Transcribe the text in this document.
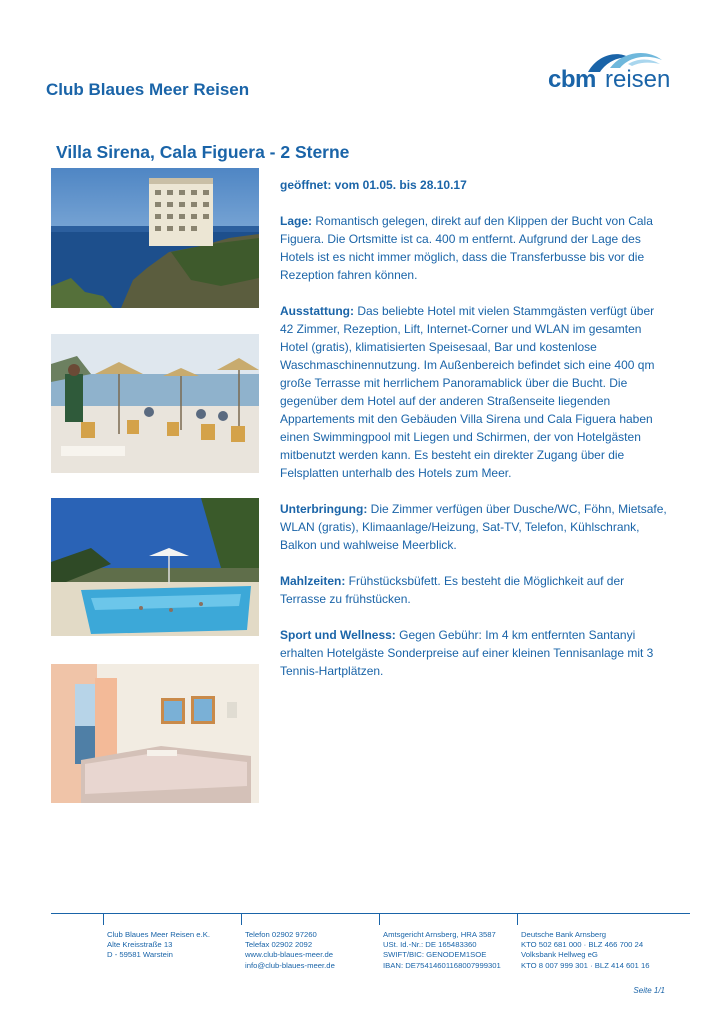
Club Blaues Meer Reisen	cbm reisen
Villa Sirena, Cala Figuera - 2 Sterne

geöffnet: vom 01.05. bis 28.10.17

Lage: Romantisch gelegen, direkt auf den Klippen der Bucht von Cala Figuera. Die Ortsmitte ist ca. 400 m entfernt. Aufgrund der Lage des Hotels ist es nicht immer möglich, dass die Transferbusse bis vor die Rezeption fahren können.

Ausstattung: Das beliebte Hotel mit vielen Stammgästen verfügt über 42 Zimmer, Rezeption, Lift, Internet-Corner und WLAN im gesamten Hotel (gratis), klimatisierten Speisesaal, Bar und kostenlose Waschmaschinennutzung. Im Außenbereich befindet sich eine 400 qm große Terrasse mit herrlichem Panoramablick über die Bucht. Die gegenüber dem Hotel auf der anderen Straßenseite liegenden Appartements mit den Gebäuden Villa Sirena und Cala Figuera haben einen Swimmingpool mit Liegen und Schirmen, der von Hotelgästen mitbenutzt werden kann. Es besteht ein direkter Zugang über die Felsplatten unterhalb des Hotels zum Meer.

Unterbringung: Die Zimmer verfügen über Dusche/WC, Föhn, Mietsafe, WLAN (gratis), Klimaanlage/Heizung, Sat-TV, Telefon, Kühlschrank, Balkon und wahlweise Meerblick.

Mahlzeiten: Frühstücksbüfett. Es besteht die Möglichkeit auf der Terrasse zu frühstücken.

Sport und Wellness: Gegen Gebühr: Im 4 km entfernten Santanyi erhalten Hotelgäste Sonderpreise auf einer kleinen Tennisanlage mit 3 Tennis-Hartplätzen.

Club Blaues Meer Reisen e.K.
Alte Kreisstraße 13
D - 59581 Warstein
Telefon 02902 97260
Telefax 02902 2092
www.club-blaues-meer.de
info@club-blaues-meer.de
Amtsgericht Arnsberg, HRA 3587
USt. Id.-Nr.: DE 165483360
SWIFT/BIC: GENODEM1SOE
IBAN: DE75414601168007999301
Deutsche Bank Arnsberg
KTO 502 681 000 · BLZ 466 700 24
Volksbank Hellweg eG
KTO 8 007 999 301 · BLZ 414 601 16
Seite 1/1
